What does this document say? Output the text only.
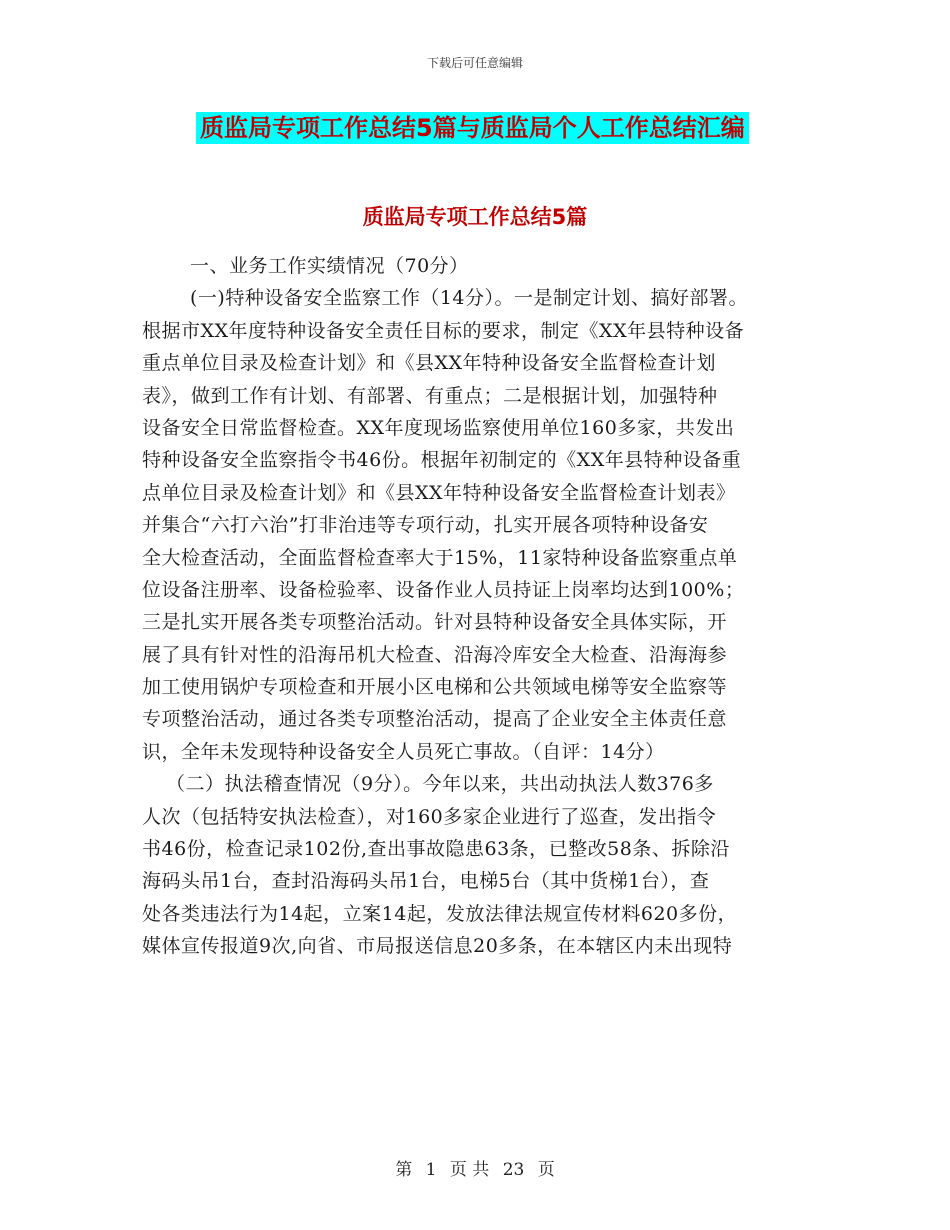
下载后可任意编辑
质监局专项工作总结5篇与质监局个人工作总结汇编
质监局专项工作总结5篇
一、业务工作实绩情况（70分）
(一)特种设备安全监察工作（14分）。一是制定计划、搞好部署。
根据市XX年度特种设备安全责任目标的要求，制定《XX年县特种设备
重点单位目录及检查计划》和《县XX年特种设备安全监督检查计划
表》，做到工作有计划、有部署、有重点；二是根据计划，加强特种
设备安全日常监督检查。XX年度现场监察使用单位160多家，共发出
特种设备安全监察指令书46份。根据年初制定的《XX年县特种设备重
点单位目录及检查计划》和《县XX年特种设备安全监督检查计划表》
并集合“六打六治”打非治违等专项行动，扎实开展各项特种设备安
全大检查活动，全面监督检查率大于15%，11家特种设备监察重点单
位设备注册率、设备检验率、设备作业人员持证上岗率均达到100%；
三是扎实开展各类专项整治活动。针对县特种设备安全具体实际，开
展了具有针对性的沿海吊机大检查、沿海冷库安全大检查、沿海海参
加工使用锅炉专项检查和开展小区电梯和公共领域电梯等安全监察等
专项整治活动，通过各类专项整治活动，提高了企业安全主体责任意
识，全年未发现特种设备安全人员死亡事故。（自评：14分）
（二）执法稽查情况（9分）。今年以来，共出动执法人数376多
人次（包括特安执法检查），对160多家企业进行了巡查，发出指令
书46份，检查记录102份,查出事故隐患63条，已整改58条、拆除沿
海码头吊1台，查封沿海码头吊1台，电梯5台（其中货梯1台），查
处各类违法行为14起，立案14起，发放法律法规宣传材料620多份，
媒体宣传报道9次,向省、市局报送信息20多条，在本辖区内未出现特
第 1 页 共 23 页
